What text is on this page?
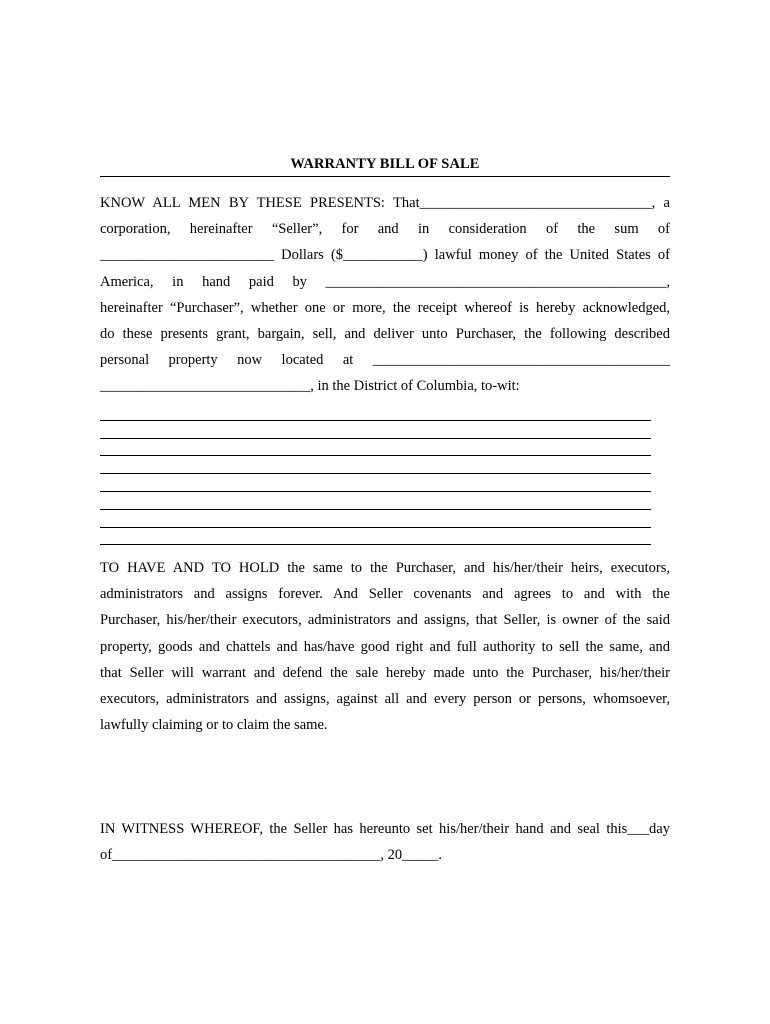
WARRANTY BILL OF SALE
KNOW ALL MEN BY THESE PRESENTS: That________________________________, a
corporation, hereinafter “Seller”, for and in consideration of the sum of
________________________ Dollars ($___________) lawful money of the United States of
America, in hand paid by _______________________________________________,
hereinafter “Purchaser”, whether one or more, the receipt whereof is hereby acknowledged,
do these presents grant, bargain, sell, and deliver unto Purchaser, the following described
personal property now located at _________________________________________
_____________________________, in the District of Columbia, to-wit:
TO HAVE AND TO HOLD the same to the Purchaser, and his/her/their heirs, executors,
administrators and assigns forever. And Seller covenants and agrees to and with the
Purchaser, his/her/their executors, administrators and assigns, that Seller, is owner of the said
property, goods and chattels and has/have good right and full authority to sell the same, and
that Seller will warrant and defend the sale hereby made unto the Purchaser, his/her/their
executors, administrators and assigns, against all and every person or persons, whomsoever,
lawfully claiming or to claim the same.
IN WITNESS WHEREOF, the Seller has hereunto set his/her/their hand and seal this___day
of_____________________________________, 20_____.
